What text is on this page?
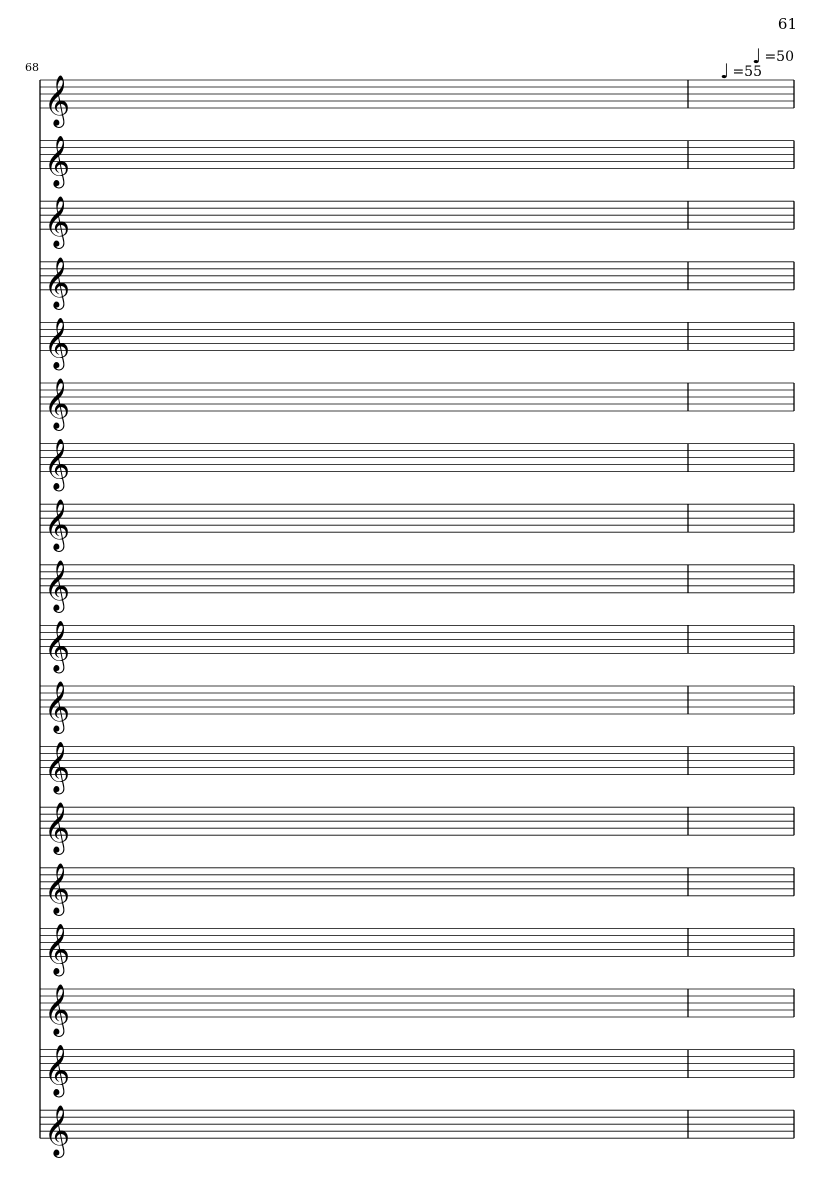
61
68	♩ =50
♩ =55
𝄞
𝄞
𝄞
𝄞
𝄞
𝄞
𝄞
𝄞
𝄞
𝄞
𝄞
𝄞
𝄞
𝄞
𝄞
𝄞
𝄞
𝄞
